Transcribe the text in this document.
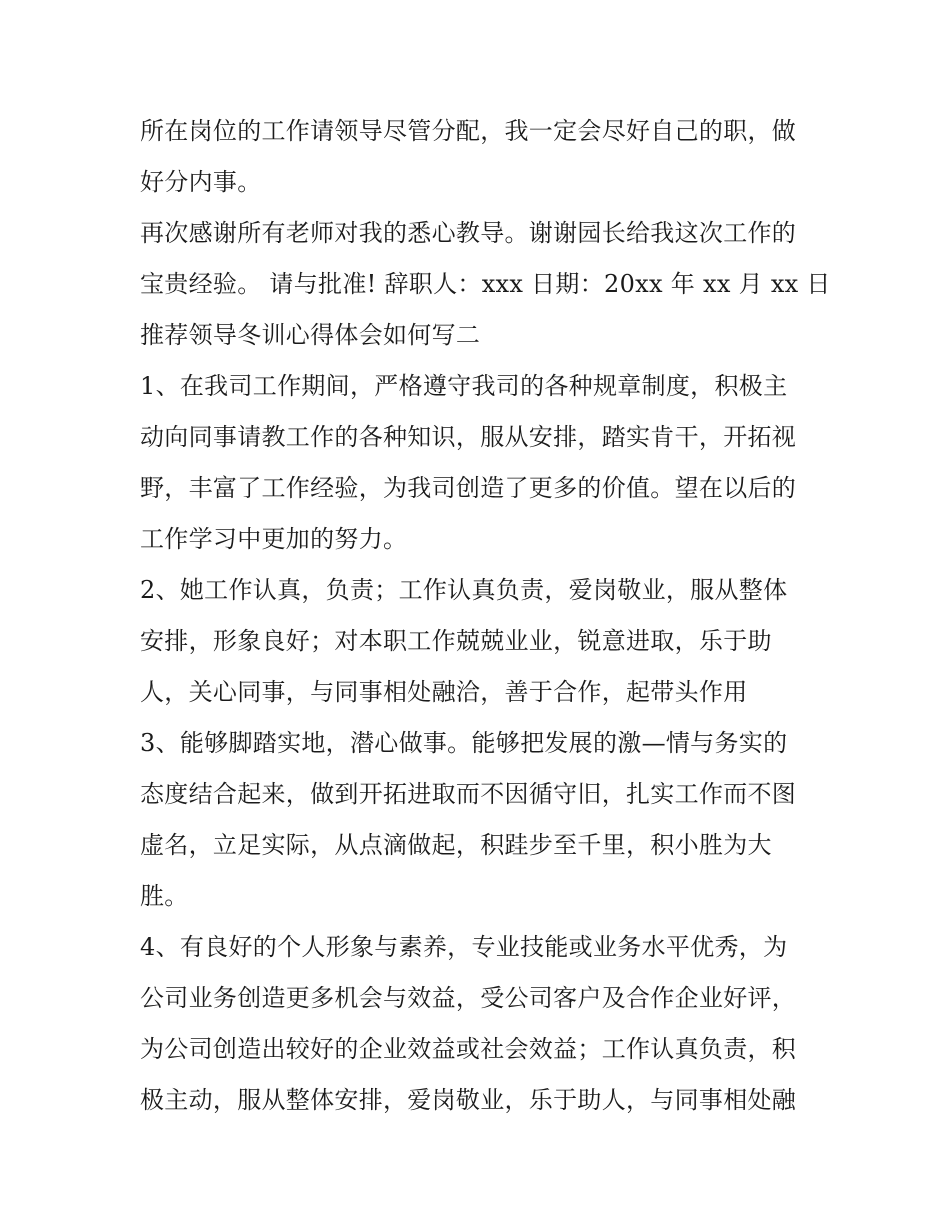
所在岗位的工作请领导尽管分配，我一定会尽好自己的职，做
好分内事。
再次感谢所有老师对我的悉心教导。谢谢园长给我这次工作的
宝贵经验。 请与批准! 辞职人：xxx 日期：20xx 年 xx 月 xx 日
推荐领导冬训心得体会如何写二
1、在我司工作期间，严格遵守我司的各种规章制度，积极主
动向同事请教工作的各种知识，服从安排，踏实肯干，开拓视
野，丰富了工作经验，为我司创造了更多的价值。望在以后的
工作学习中更加的努力。
2、她工作认真，负责；工作认真负责，爱岗敬业，服从整体
安排，形象良好；对本职工作兢兢业业，锐意进取，乐于助
人，关心同事，与同事相处融洽，善于合作，起带头作用
3、能够脚踏实地，潜心做事。能够把发展的激—情与务实的
态度结合起来，做到开拓进取而不因循守旧，扎实工作而不图
虚名，立足实际，从点滴做起，积跬步至千里，积小胜为大
胜。
4、有良好的个人形象与素养，专业技能或业务水平优秀，为
公司业务创造更多机会与效益，受公司客户及合作企业好评，
为公司创造出较好的企业效益或社会效益；工作认真负责，积
极主动，服从整体安排，爱岗敬业，乐于助人，与同事相处融
